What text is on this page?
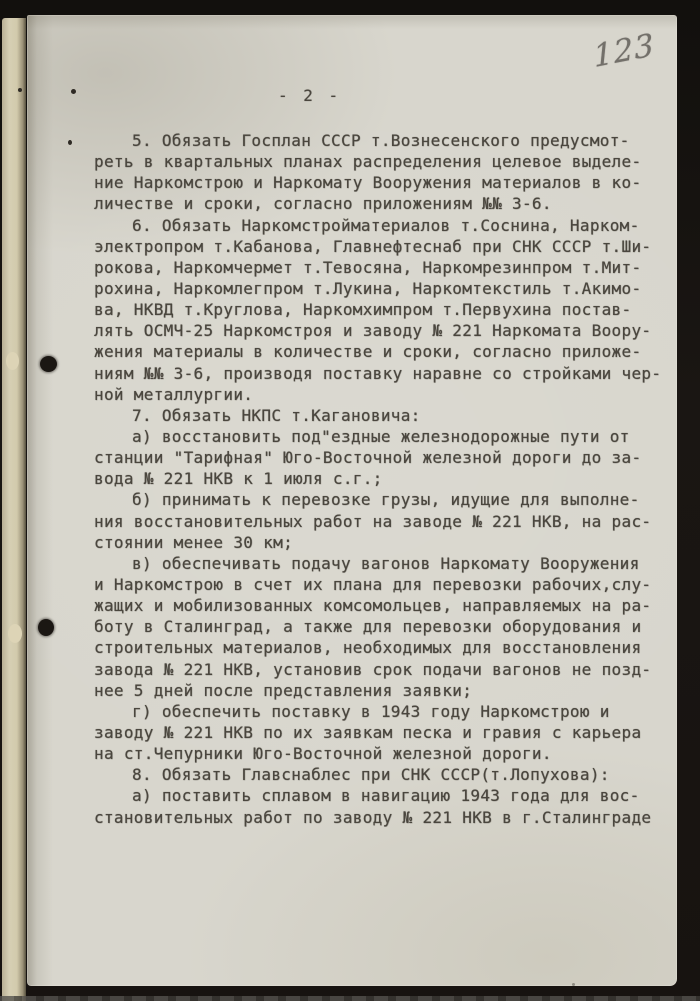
123
- 2 -
5. Обязать Госплан СССР т.Вознесенского предусмот-
реть в квартальных планах распределения целевое выделе-
ние Наркомстрою и Наркомату Вооружения материалов в ко-
личестве и сроки, согласно приложениям №№ 3-6.
6. Обязать Наркомстройматериалов т.Соснина, Нарком-
электропром т.Кабанова, Главнефтеснаб при СНК СССР т.Ши-
рокова, Наркомчермет т.Тевосяна, Наркомрезинпром т.Мит-
рохина, Наркомлегпром т.Лукина, Наркомтекстиль т.Акимо-
ва, НКВД т.Круглова, Наркомхимпром т.Первухина постав-
лять ОСМЧ-25 Наркомстроя и заводу № 221 Наркомата Воору-
жения материалы в количестве и сроки, согласно приложе-
ниям №№ 3-6, производя поставку наравне со стройками чер-
ной металлургии.
7. Обязать НКПС т.Кагановича:
а) восстановить под"ездные железнодорожные пути от
станции "Тарифная" Юго-Восточной железной дороги до за-
вода № 221 НКВ к 1 июля с.г.;
б) принимать к перевозке грузы, идущие для выполне-
ния восстановительных работ на заводе № 221 НКВ, на рас-
стоянии менее 30 км;
в) обеспечивать подачу вагонов Наркомату Вооружения
и Наркомстрою в счет их плана для перевозки рабочих,слу-
жащих и мобилизованных комсомольцев, направляемых на ра-
боту в Сталинград, а также для перевозки оборудования и
строительных материалов, необходимых для восстановления
завода № 221 НКВ, установив срок подачи вагонов не позд-
нее 5 дней после представления заявки;
г) обеспечить поставку в 1943 году Наркомстрою и
заводу № 221 НКВ по их заявкам песка и гравия с карьера
на ст.Чепурники Юго-Восточной железной дороги.
8. Обязать Главснаблес при СНК СССР(т.Лопухова):
а) поставить сплавом в навигацию 1943 года для вос-
становительных работ по заводу № 221 НКВ в г.Сталинграде
